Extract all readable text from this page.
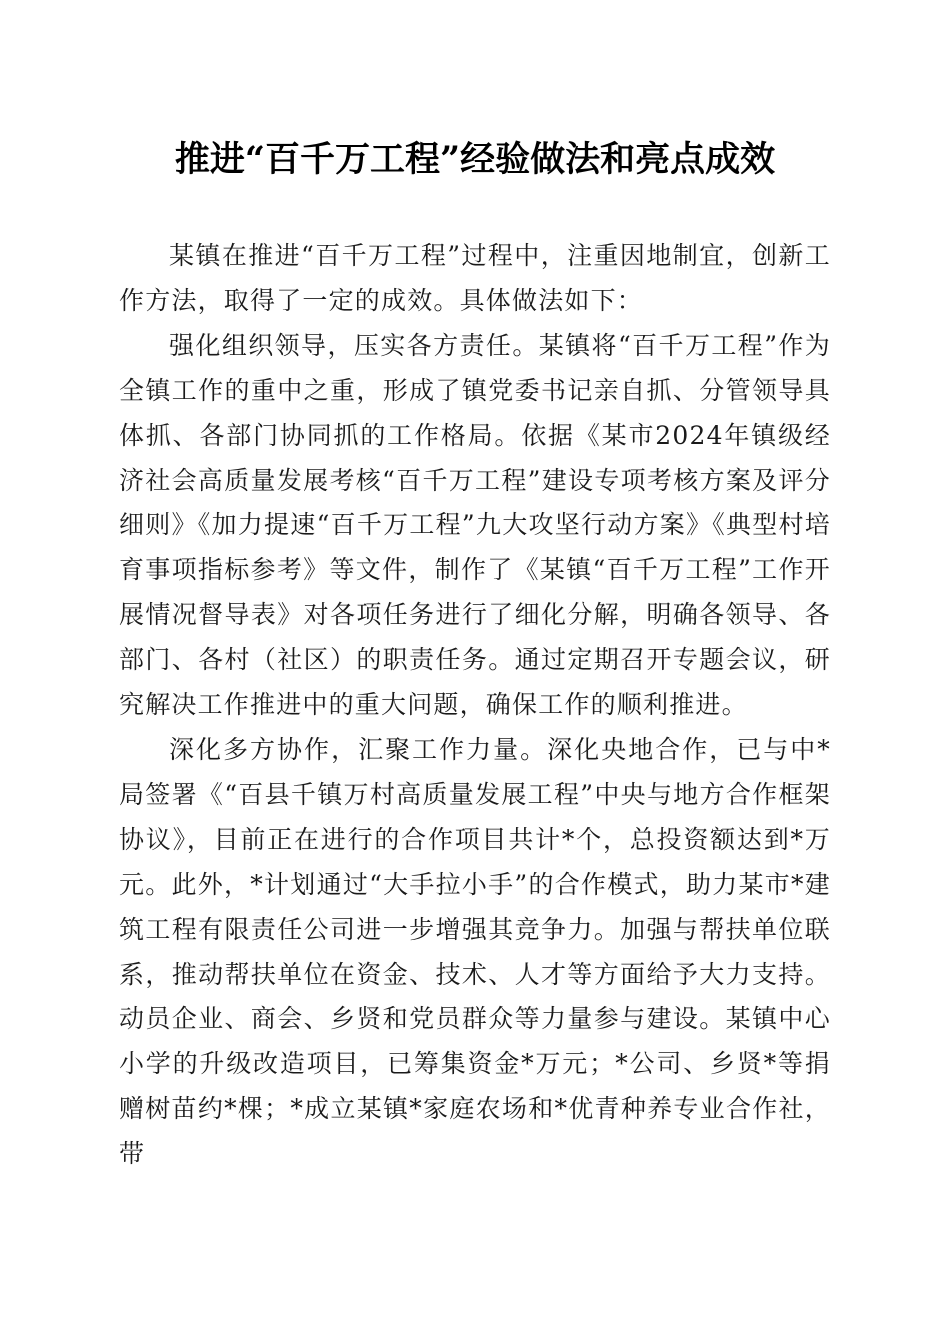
推进“百千万工程”经验做法和亮点成效

某镇在推进“百千万工程”过程中，注重因地制宜，创新工作方法，取得了一定的成效。具体做法如下：

强化组织领导，压实各方责任。某镇将“百千万工程”作为全镇工作的重中之重，形成了镇党委书记亲自抓、分管领导具体抓、各部门协同抓的工作格局。依据《某市2024年镇级经济社会高质量发展考核“百千万工程”建设专项考核方案及评分细则》《加力提速“百千万工程”九大攻坚行动方案》《典型村培育事项指标参考》等文件，制作了《某镇“百千万工程”工作开展情况督导表》对各项任务进行了细化分解，明确各领导、各部门、各村（社区）的职责任务。通过定期召开专题会议，研究解决工作推进中的重大问题，确保工作的顺利推进。

深化多方协作，汇聚工作力量。深化央地合作，已与中*局签署《“百县千镇万村高质量发展工程”中央与地方合作框架协议》，目前正在进行的合作项目共计*个，总投资额达到*万元。此外，*计划通过“大手拉小手”的合作模式，助力某市*建筑工程有限责任公司进一步增强其竞争力。加强与帮扶单位联系，推动帮扶单位在资金、技术、人才等方面给予大力支持。动员企业、商会、乡贤和党员群众等力量参与建设。某镇中心小学的升级改造项目，已筹集资金*万元；*公司、乡贤*等捐赠树苗约*棵；*成立某镇*家庭农场和*优青种养专业合作社，带
